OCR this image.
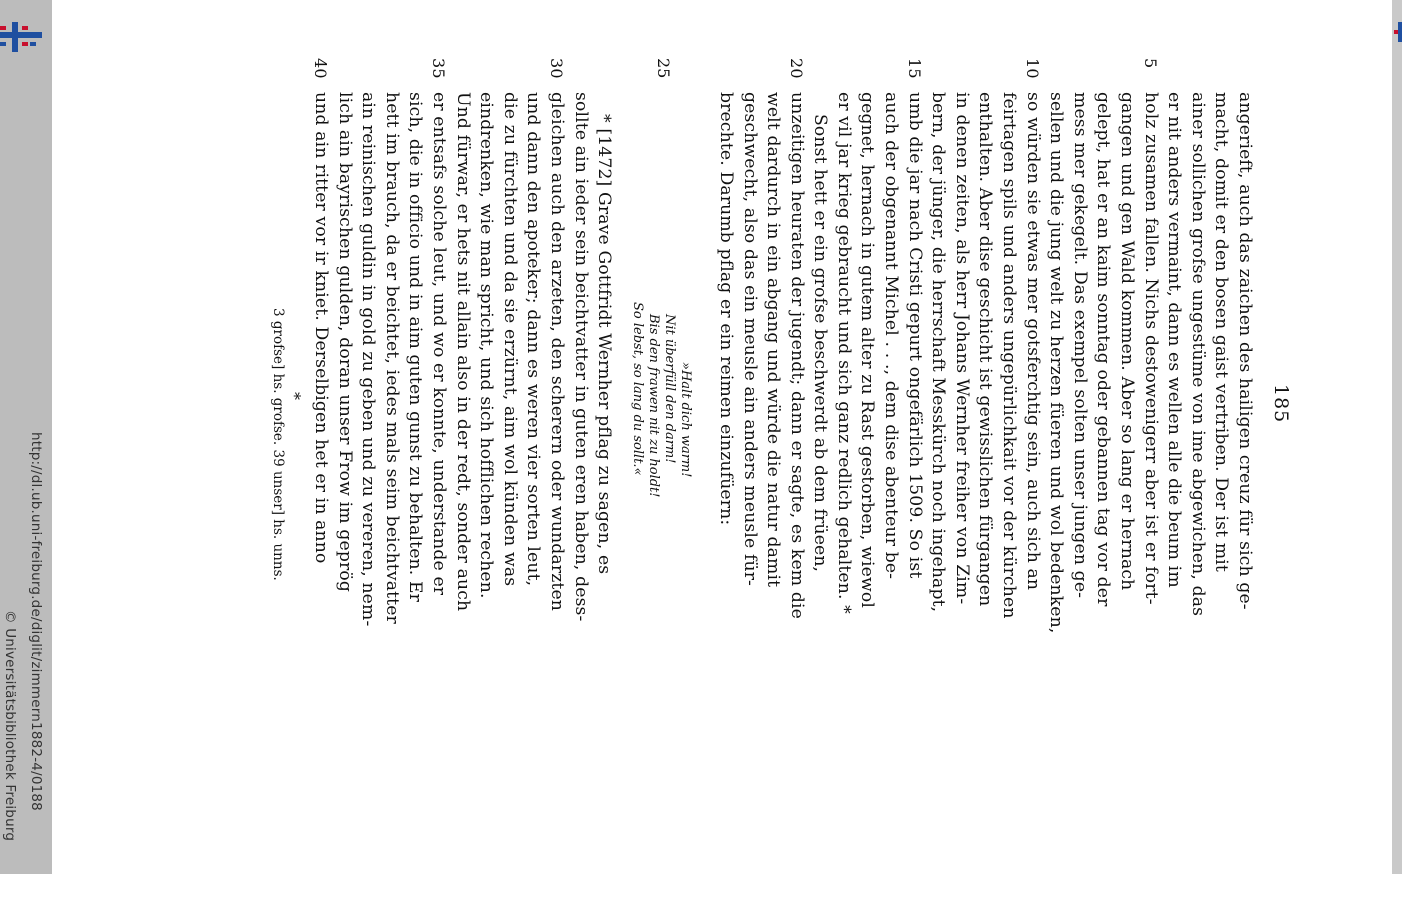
http://dl.ub.uni-freiburg.de/diglit/zimmern1882-4/0188
© Universitätsbibliothek Freiburg
185
angerieft, auch das zaichen des hailigen creuz für sich ge-
macht, domit er den bosen gaist vertriben. Der ist mit
ainer sollichen grofse ungestüme von ime abgewichen, das
er nit anders vermaint, dann es wellen alle die beum im
5
holz zusamen fallen. Nichs destowenigerr aber ist er fort-
gangen und gen Wald kommen. Aber so lang er hernach
gelept, hat er an kaim sonntag oder gebannen tag vor der
mess mer gekegelt. Das exempel solten unser jungen ge-
sellen und die jung welt zu herzen füeren und wol bedenken,
10
so würden sie etwas mer gotsferchtig sein, auch sich an
feirtagen spils und anders ungepürlichkait vor der kürchen
enthalten. Aber dise geschicht ist gewisslichen fürgangen
in denen zeiten, als herr Johans Wernher freiher von Zim-
bern, der jünger, die herrschaft Messkürch noch ingehapt,
15
umb die jar nach Cristi gepurt ongefärlich 1509. So ist
auch der obgenannt Michel . . ., dem dise abenteur be-
gegnet, hernach in gutem alter zu Rast gestorben, wiewol
er vil jar krieg gebraucht und sich ganz redlich gehalten. *
Sonst hett er ein grofse beschwerdt ab dem früeen,
20
unzeitigen heuraten der jugendt; dann er sagte, es kem die
welt dardurch in ein abgang und würde die natur damit
geschwecht, also das ein meusle ain anders meusle für-
brechte. Darumb pflag er ein reimen einzufüern:
»Halt dich warm!
Nit überfüll den darm!
Bis den frawen nit zu holdt!
So lebst, so lang du sollt.«
25
* [1472] Grave Gottfridt Wernher pflag zu sagen, es
sollte ain ieder sein beichtvatter in guten eren haben, dess-
30
gleichen auch den arzeten, den scherern oder wundarzten
und dann den apoteker; dann es weren vier sorten leut,
die zu fürchten und da sie erzürnt, aim wol künden was
eindrenken, wie man spricht, und sich hofflichen rechen.
Und fürwar, er hets nit allain also in der redt, sonder auch
35
er entsafs solche leut, und wo er konnte, understande er
sich, die in officio und in aim guten gunst zu behalten. Er
hett im brauch, da er beichtet, iedes mals seim beichtvatter
ain reinischen guldin in gold zu geben und zu vereren, nem-
lich ain bayrischen gulden, doran unser Frow im geprög
40
und ain ritter vor ir kniet. Derselbigen het er in anno
*
3 grofse] hs. grofse. 39 unser] hs. unns.
